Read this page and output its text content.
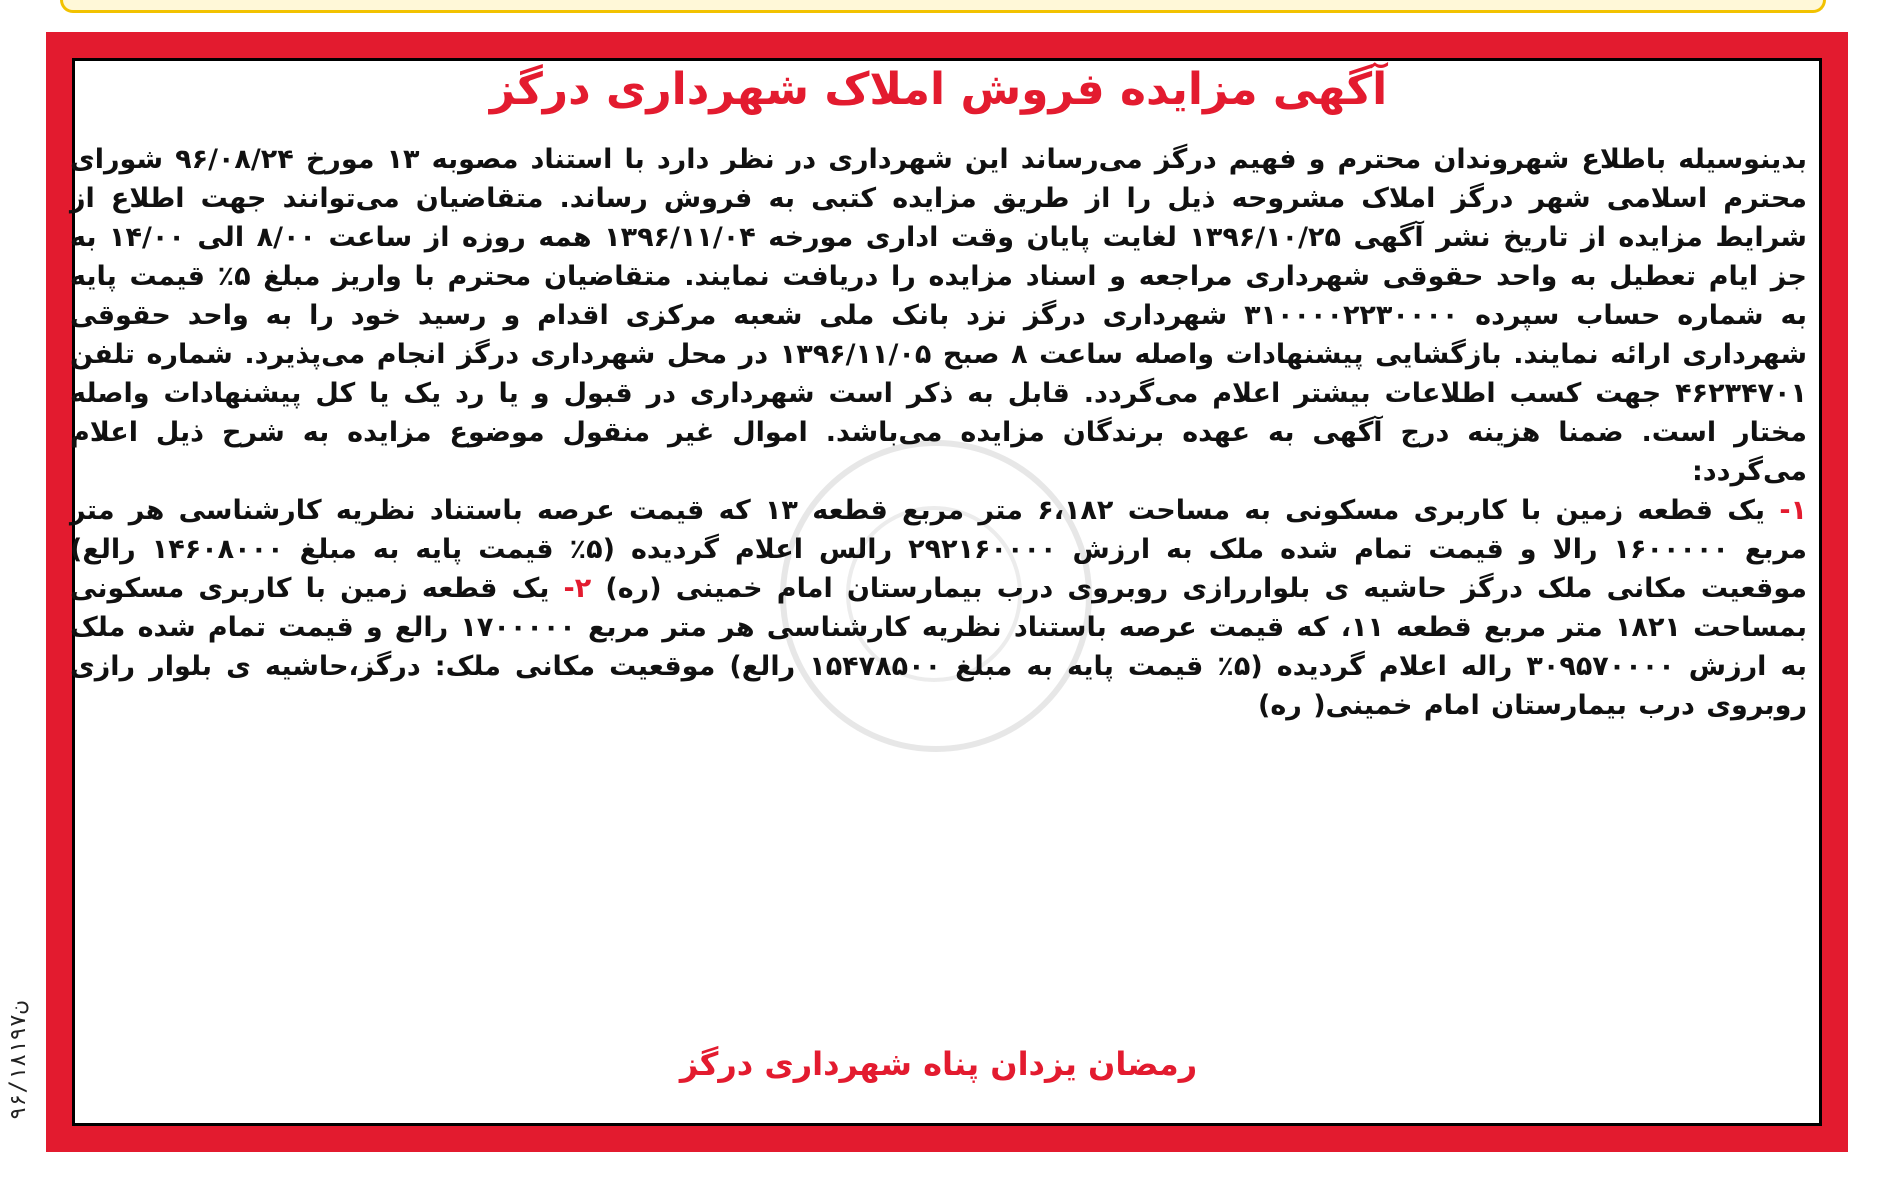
آگهی مزایده فروش املاک شهرداری درگز

بدینوسیله باطلاع شهروندان محترم و فهیم درگز می‌رساند این شهرداری در نظر دارد با استناد مصوبه ۱۳ مورخ ۹۶/۰۸/۲۴ شورای محترم اسلامی شهر درگز املاک مشروحه ذیل را از طریق مزایده کتبی به فروش رساند. متقاضیان می‌توانند جهت اطلاع از شرایط مزایده از تاریخ نشر آگهی ۱۳۹۶/۱۰/۲۵ لغایت پایان وقت اداری مورخه ۱۳۹۶/۱۱/۰۴ همه روزه از ساعت ۸/۰۰ الی ۱۴/۰۰ به جز ایام تعطیل به واحد حقوقی شهرداری مراجعه و اسناد مزایده را دریافت نمایند. متقاضیان محترم با واریز مبلغ ۵٪ قیمت پایه به شماره حساب سپرده ۳۱۰۰۰۰۲۲۳۰۰۰۰ شهرداری درگز نزد بانک ملی شعبه مرکزی اقدام و رسید خود را به واحد حقوقی شهرداری ارائه نمایند. بازگشایی پیشنهادات واصله ساعت ۸ صبح ۱۳۹۶/۱۱/۰۵ در محل شهرداری درگز انجام می‌پذیرد. شماره تلفن ۴۶۲۳۴۷۰۱ جهت کسب اطلاعات بیشتر اعلام می‌گردد. قابل به ذکر است شهرداری در قبول و یا رد یک یا کل پیشنهادات واصله مختار است. ضمنا هزینه درج آگهی به عهده برندگان مزایده می‌باشد. اموال غیر منقول موضوع مزایده به شرح ذیل اعلام می‌گردد:

۱- یک قطعه زمین با کاربری مسکونی به مساحت ۶،۱۸۲ متر مربع قطعه ۱۳ که قیمت عرصه باستناد نظریه کارشناسی هر متر مربع ۱۶۰۰۰۰۰ رالا و قیمت تمام شده ملک به ارزش ۲۹۲۱۶۰۰۰۰ رالس اعلام گردیده (۵٪ قیمت پایه به مبلغ ۱۴۶۰۸۰۰۰ رالع) موقعیت مکانی ملک درگز حاشیه ی بلواررازی روبروی درب بیمارستان امام خمینی (ره) ۲- یک قطعه زمین با کاربری مسکونی بمساحت ۱۸۲۱ متر مربع قطعه ۱۱، که قیمت عرصه باستناد نظریه کارشناسی هر متر مربع ۱۷۰۰۰۰۰ رالع و قیمت تمام شده ملک به ارزش ۳۰۹۵۷۰۰۰۰ راله اعلام گردیده (۵٪ قیمت پایه به مبلغ ۱۵۴۷۸۵۰۰ رالع) موقعیت مکانی ملک: درگز،حاشیه ی بلوار رازی روبروی درب بیمارستان امام خمینی( ره)

رمضان یزدان پناه شهرداری درگز
ن۹۶/۱۸۱۹۷
